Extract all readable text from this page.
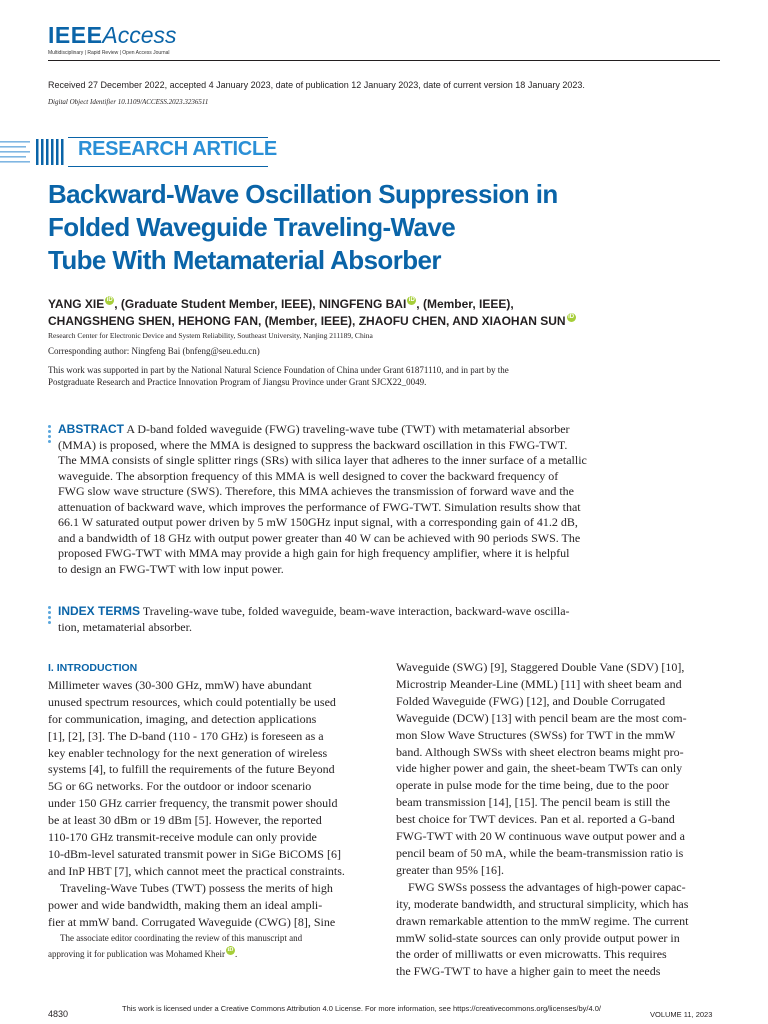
IEEEAccess
Multidisciplinary | Rapid Review | Open Access Journal
Received 27 December 2022, accepted 4 January 2023, date of publication 12 January 2023, date of current version 18 January 2023.
Digital Object Identifier 10.1109/ACCESS.2023.3236511
RESEARCH ARTICLE
Backward-Wave Oscillation Suppression in
Folded Waveguide Traveling-Wave
Tube With Metamaterial Absorber
YANG XIE iD , (Graduate Student Member, IEEE), NINGFENG BAI iD , (Member, IEEE),
CHANGSHENG SHEN, HEHONG FAN, (Member, IEEE), ZHAOFU CHEN, AND XIAOHAN SUN iD
Research Center for Electronic Device and System Reliability, Southeast University, Nanjing 211189, China
Corresponding author: Ningfeng Bai (bnfeng@seu.edu.cn)
This work was supported in part by the National Natural Science Foundation of China under Grant 61871110, and in part by the
Postgraduate Research and Practice Innovation Program of Jiangsu Province under Grant SJCX22_0049.
ABSTRACT A D-band folded waveguide (FWG) traveling-wave tube (TWT) with metamaterial absorber
(MMA) is proposed, where the MMA is designed to suppress the backward oscillation in this FWG-TWT.
The MMA consists of single splitter rings (SRs) with silica layer that adheres to the inner surface of a metallic
waveguide. The absorption frequency of this MMA is well designed to cover the backward frequency of
FWG slow wave structure (SWS). Therefore, this MMA achieves the transmission of forward wave and the
attenuation of backward wave, which improves the performance of FWG-TWT. Simulation results show that
66.1 W saturated output power driven by 5 mW 150GHz input signal, with a corresponding gain of 41.2 dB,
and a bandwidth of 18 GHz with output power greater than 40 W can be achieved with 90 periods SWS. The
proposed FWG-TWT with MMA may provide a high gain for high frequency amplifier, where it is helpful
to design an FWG-TWT with low input power.
INDEX TERMS Traveling-wave tube, folded waveguide, beam-wave interaction, backward-wave oscilla-
tion, metamaterial absorber.
I. INTRODUCTION
Millimeter waves (30-300 GHz, mmW) have abundant
unused spectrum resources, which could potentially be used
for communication, imaging, and detection applications
[1], [2], [3]. The D-band (110 - 170 GHz) is foreseen as a
key enabler technology for the next generation of wireless
systems [4], to fulfill the requirements of the future Beyond
5G or 6G networks. For the outdoor or indoor scenario
under 150 GHz carrier frequency, the transmit power should
be at least 30 dBm or 19 dBm [5]. However, the reported
110-170 GHz transmit-receive module can only provide
10-dBm-level saturated transmit power in SiGe BiCOMS [6]
and InP HBT [7], which cannot meet the practical constraints.
Traveling-Wave Tubes (TWT) possess the merits of high
power and wide bandwidth, making them an ideal ampli-
fier at mmW band. Corrugated Waveguide (CWG) [8], Sine
The associate editor coordinating the review of this manuscript and
approving it for publication was Mohamed Kheir iD .
Waveguide (SWG) [9], Staggered Double Vane (SDV) [10],
Microstrip Meander-Line (MML) [11] with sheet beam and
Folded Waveguide (FWG) [12], and Double Corrugated
Waveguide (DCW) [13] with pencil beam are the most com-
mon Slow Wave Structures (SWSs) for TWT in the mmW
band. Although SWSs with sheet electron beams might pro-
vide higher power and gain, the sheet-beam TWTs can only
operate in pulse mode for the time being, due to the poor
beam transmission [14], [15]. The pencil beam is still the
best choice for TWT devices. Pan et al. reported a G-band
FWG-TWT with 20 W continuous wave output power and a
pencil beam of 50 mA, while the beam-transmission ratio is
greater than 95% [16].
FWG SWSs possess the advantages of high-power capac-
ity, moderate bandwidth, and structural simplicity, which has
drawn remarkable attention to the mmW regime. The current
mmW solid-state sources can only provide output power in
the order of milliwatts or even microwatts. This requires
the FWG-TWT to have a higher gain to meet the needs
4830
This work is licensed under a Creative Commons Attribution 4.0 License. For more information, see https://creativecommons.org/licenses/by/4.0/
VOLUME 11, 2023
